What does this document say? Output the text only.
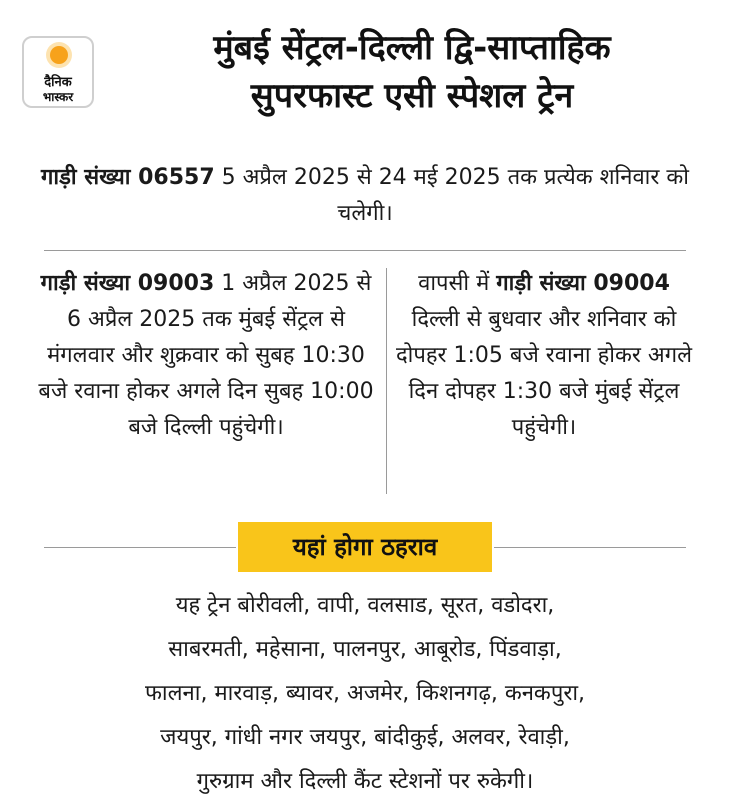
दैनिक
भास्कर
मुंबई सेंट्रल-दिल्ली द्वि-साप्ताहिक
सुपरफास्ट एसी स्पेशल ट्रेन

गाड़ी संख्या 06557 5 अप्रैल 2025 से 24 मई 2025 तक प्रत्येक शनिवार को चलेगी।

गाड़ी संख्या 09003 1 अप्रैल 2025 से 6 अप्रैल 2025 तक मुंबई सेंट्रल से मंगलवार और शुक्रवार को सुबह 10:30 बजे रवाना होकर अगले दिन सुबह 10:00 बजे दिल्ली पहुंचेगी।

वापसी में गाड़ी संख्या 09004 दिल्ली से बुधवार और शनिवार को दोपहर 1:05 बजे रवाना होकर अगले दिन दोपहर 1:30 बजे मुंबई सेंट्रल पहुंचेगी।

यहां होगा ठहराव

यह ट्रेन बोरीवली, वापी, वलसाड, सूरत, वडोदरा,
साबरमती, महेसाना, पालनपुर, आबूरोड, पिंडवाड़ा,
फालना, मारवाड़, ब्यावर, अजमेर, किशनगढ़, कनकपुरा,
जयपुर, गांधी नगर जयपुर, बांदीकुई, अलवर, रेवाड़ी,
गुरुग्राम और दिल्ली कैंट स्टेशनों पर रुकेगी।
